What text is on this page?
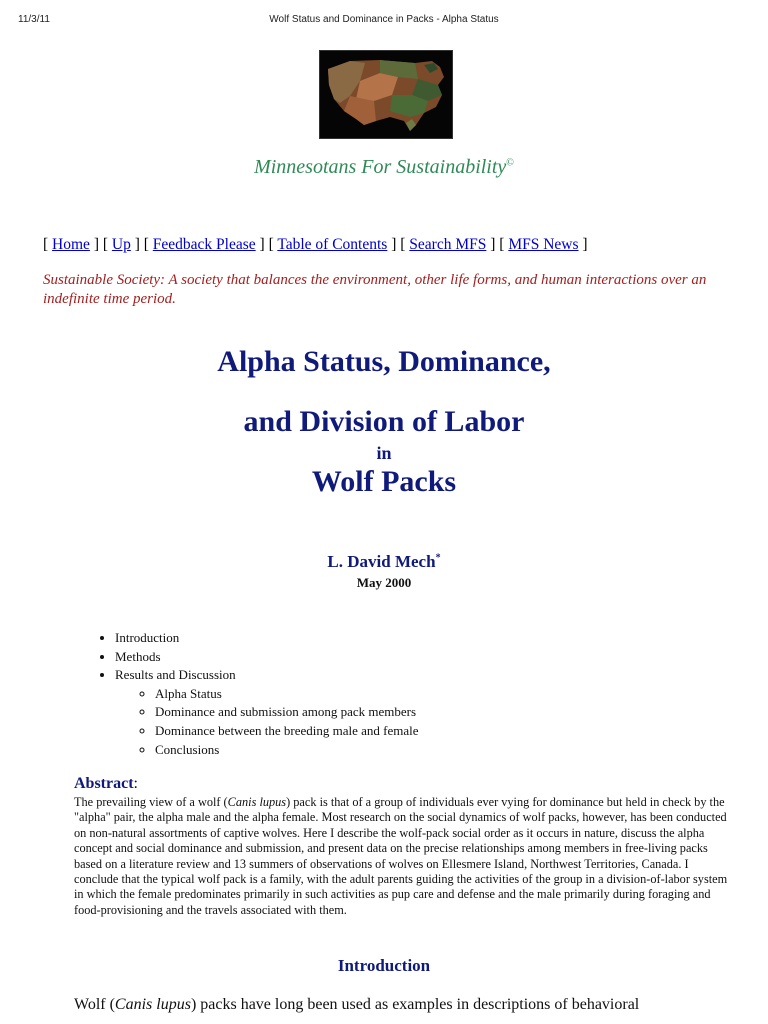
11/3/11	Wolf Status and Dominance in Packs - Alpha Status
Minnesotans For Sustainability©
[ Home ] [ Up ] [ Feedback Please ] [ Table of Contents ] [ Search MFS ] [ MFS News ]
Sustainable Society: A society that balances the environment, other life forms, and human interactions over an indefinite time period.
Alpha Status, Dominance,
and Division of Labor
in
Wolf Packs
L. David Mech*
May 2000
• Introduction
• Methods
• Results and Discussion
◦ Alpha Status
◦ Dominance and submission among pack members
◦ Dominance between the breeding male and female
◦ Conclusions
Abstract:
The prevailing view of a wolf (Canis lupus) pack is that of a group of individuals ever vying for dominance but held in check by the "alpha" pair, the alpha male and the alpha female. Most research on the social dynamics of wolf packs, however, has been conducted on non-natural assortments of captive wolves. Here I describe the wolf-pack social order as it occurs in nature, discuss the alpha concept and social dominance and submission, and present data on the precise relationships among members in free-living packs based on a literature review and 13 summers of observations of wolves on Ellesmere Island, Northwest Territories, Canada. I conclude that the typical wolf pack is a family, with the adult parents guiding the activities of the group in a division-of-labor system in which the female predominates primarily in such activities as pup care and defense and the male primarily during foraging and food-provisioning and the travels associated with them.
Introduction
Wolf (Canis lupus) packs have long been used as examples in descriptions of behavioral
